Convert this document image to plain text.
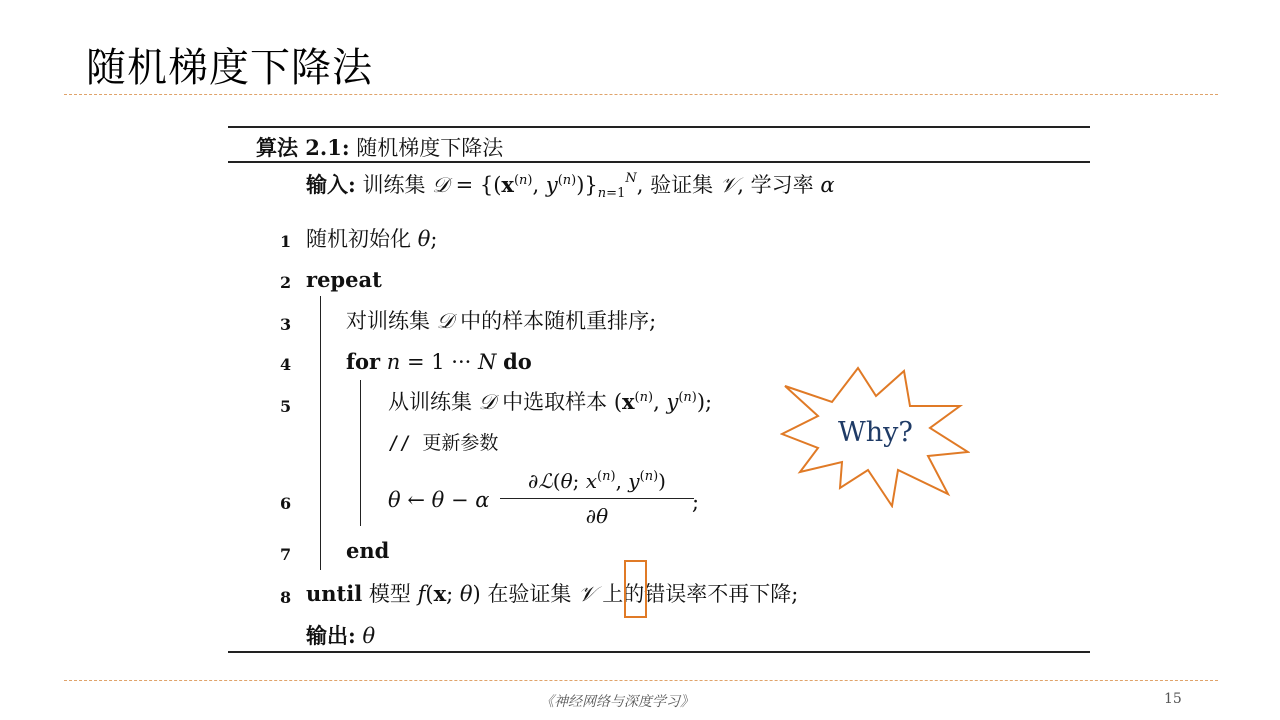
随机梯度下降法
算法 2.1: 随机梯度下降法
输入: 训练集 𝒟 = {($x^{(n)}$, $y^{(n)})\}_{n=1}^N$, 验证集 𝒱, 学习率 α
1 随机初始化 θ;
2 repeat
3	对训练集 𝒟 中的样本随机重排序;
4	for n = 1 ··· N do
5	从训练集 𝒟 中选取样本 ($x^{(n)}$, $y^{(n)}$);
// 更新参数
6	θ ← θ − α
∂ℒ(θ; $x^{(n)}$, $y^{(n)}$)
∂θ
;
7	end
8 until 模型 f(x; θ) 在验证集 𝒱 上的错误率不再下降;
输出: θ
Why?
《神经网络与深度学习》	15
